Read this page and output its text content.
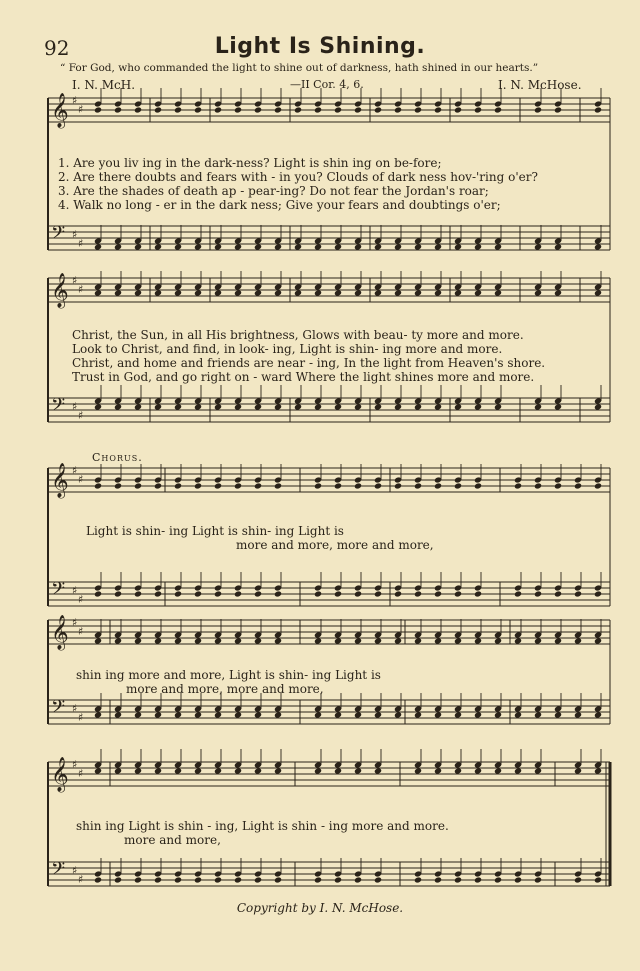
𝄞 ♯
♯
𝄢 ♯
♯
𝄞 ♯
♯
𝄢 ♯
♯
𝄞 ♯
♯
𝄢 ♯
♯
𝄞 ♯
♯
𝄢 ♯
♯
𝄞 ♯
♯
𝄢 ♯
♯
92	Light Is Shining.
“ For God, who commanded the light to shine out of darkness, hath shined in our hearts.”
I. N. McH.	—II Cor. 4, 6.	I. N. McHose.
1. Are you liv ing in the dark-ness? Light is shin ing on be-fore;
2. Are there doubts and fears with - in you? Clouds of dark ness hov-'ring o'er?
3. Are the shades of death ap - pear-ing? Do not fear the Jordan's roar;
4. Walk no long - er in the dark ness; Give your fears and doubtings o'er;
Christ, the Sun, in all His brightness, Glows with beau- ty more and more.
Look to Christ, and find, in look- ing, Light is shin- ing more and more.
Christ, and home and friends are near - ing, In the light from Heaven's shore.
Trust in God, and go right on - ward Where the light shines more and more.
Chorus.
Light is shin- ing Light is shin- ing Light is
more and more, more and more,
shin ing more and more, Light is shin- ing Light is
more and more, more and more,
shin ing Light is shin - ing, Light is shin - ing more and more.
more and more,
Copyright by I. N. McHose.
